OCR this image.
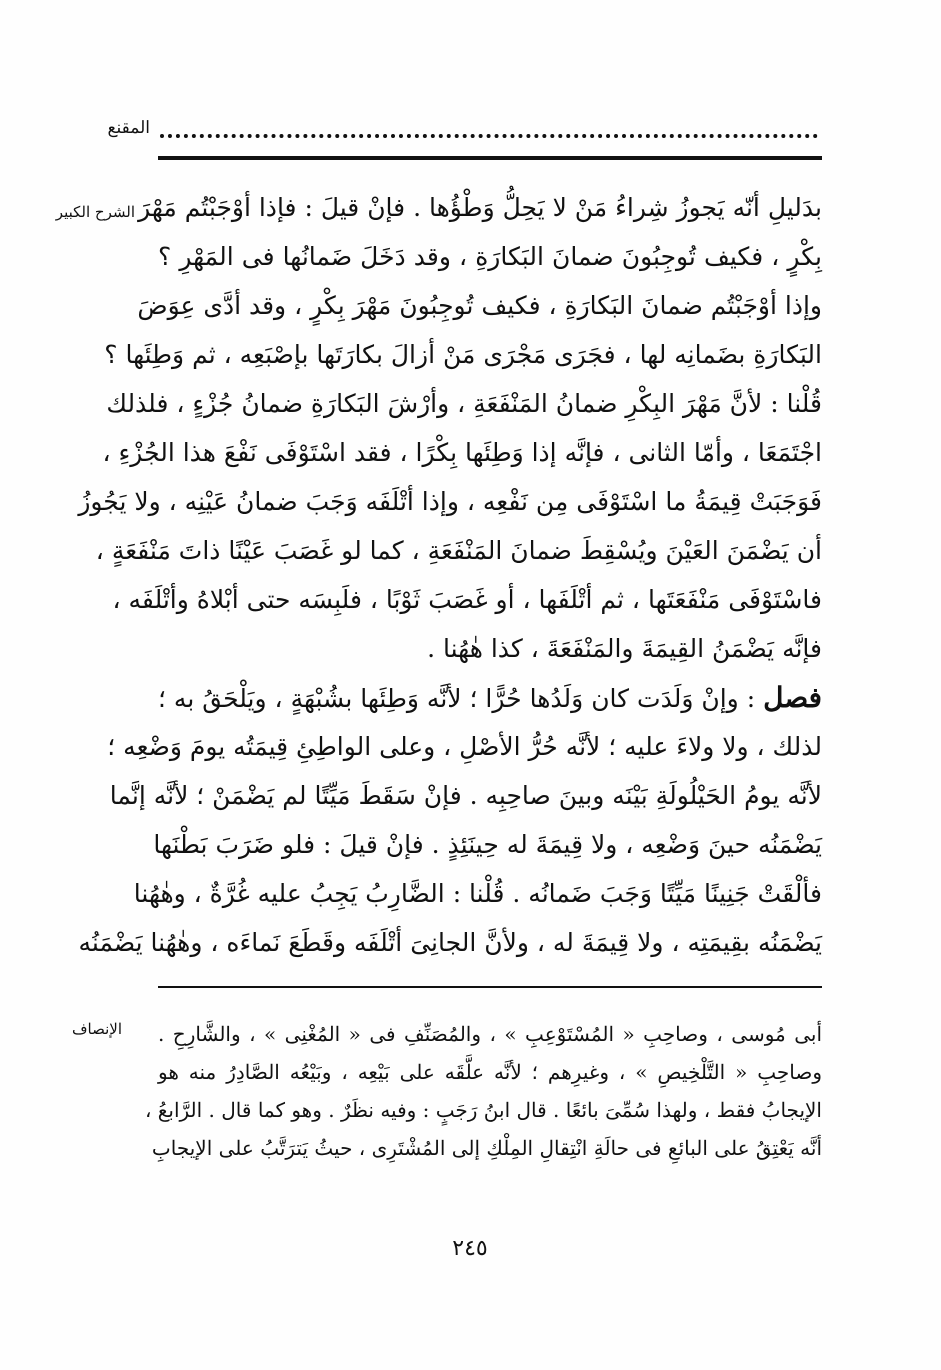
المقنع
الشرح الكبير بدَليلِ أنّه يَجوزُ شِراءُ مَنْ لا يَحِلُّ وَطْؤُها . فإنْ قيلَ : فإذا أوْجَبْتُم مَهْرَ
بِكْرٍ ، فكيف تُوجِبُونَ ضمانَ البَكارَةِ ، وقد دَخَلَ ضَمانُها فى المَهْرِ ؟
وإذا أوْجَبْتُم ضمانَ البَكارَةِ ، فكيف تُوجِبُونَ مَهْرَ بِكْرٍ ، وقد أدَّى عِوَضَ
البَكارَةِ بضَمانِه لها ، فجَرَى مَجْرَى مَنْ أزالَ بكارَتَها بإصْبَعِه ، ثم وَطِئَها ؟
قُلْنا : لأنَّ مَهْرَ البِكْرِ ضمانُ المَنْفَعَةِ ، وأرْشَ البَكارَةِ ضمانُ جُزْءٍ ، فلذلك
اجْتَمَعَا ، وأمّا الثانى ، فإنَّه إذا وَطِئَها بِكْرًا ، فقد اسْتَوْفَى نَفْعَ هذا الجُزْءِ ،
فَوَجَبَتْ قِيمَةُ ما اسْتَوْفَى مِن نَفْعِه ، وإذا أتْلَفَه وَجَبَ ضمانُ عَيْنِه ، ولا يَجُوزُ
أن يَضْمَنَ العَيْنَ ويُسْقِطَ ضمانَ المَنْفَعَةِ ، كما لو غَصَبَ عَيْنًا ذاتَ مَنْفَعَةٍ ،
فاسْتَوْفَى مَنْفَعَتَها ، ثم أتْلَفَها ، أو غَصَبَ ثَوْبًا ، فلَبِسَه حتى أبْلاهُ وأتْلَفَه ،
فإنَّه يَضْمَنُ القِيمَةَ والمَنْفَعَةَ ، كذا هٰهُنا .
فصل : وإنْ وَلَدَت كان وَلَدُها حُرًّا ؛ لأنَّه وَطِئَها بشُبْهَةٍ ، ويَلْحَقُ به ؛
لذلك ، ولا ولاءَ عليه ؛ لأنَّه حُرُّ الأصْلِ ، وعلى الواطِئِ قِيمَتُه يومَ وَضْعِه ؛
لأنَّه يومُ الحَيْلُولَةِ بَيْنَه وبينَ صاحِبِه . فإنْ سَقَطَ مَيِّتًا لم يَضْمَنْ ؛ لأنَّه إنَّما
يَضْمَنُه حينَ وَضْعِه ، ولا قِيمَةَ له حِينَئِذٍ . فإنْ قيلَ : فلو ضَرَبَ بَطْنَها
فألْقَتْ جَنِينًا مَيِّتًا وَجَبَ ضَمانُه . قُلْنا : الضَّارِبُ يَجِبُ عليه غُرَّةٌ ، وهٰهُنا
يَضْمَنُه بقِيمَتِه ، ولا قِيمَةَ له ، ولأنَّ الجانِىَ أتْلَفَه وقَطَعَ نَماءَه ، وهٰهُنا يَضْمَنُه
الإنصاف أبى مُوسى ، وصاحِبِ « المُسْتَوْعِبِ » ، والمُصَنِّفِ فى « المُغْنِى » ، والشَّارِحِ .
وصاحِبِ « التَّلْخِيصِ » ، وغيرِهم ؛ لأنَّه علَّقَه على بَيْعِه ، وبَيْعُه الصَّادِرُ منه هو
الإيجابُ فقط ، ولهذا سُمِّىَ بائعًا . قال ابنُ رَجَبٍ : وفيه نظَرٌ . وهو كما قال . الرَّابعُ ،
أنَّه يَعْتِقُ على البائعِ فى حالَةِ انْتِقالِ المِلْكِ إلى المُشْتَرِى ، حيثُ يَترَتَّبُ على الإيجابِ
٢٤٥
